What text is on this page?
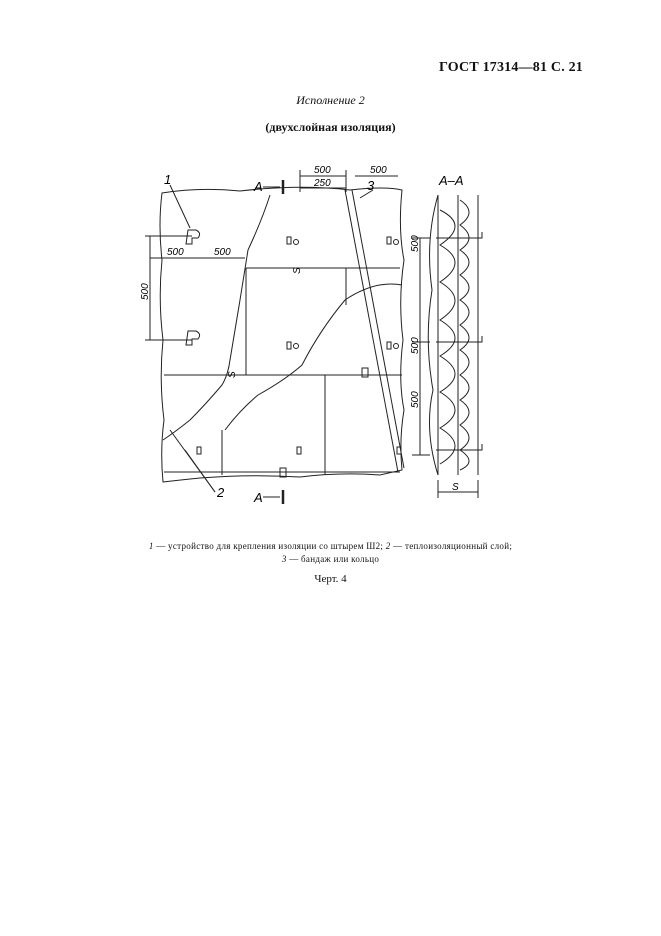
ГОСТ 17314—81 С. 21
Исполнение 2
(двухслойная изоляция)
500	500
250
500	500
500
500
500
500
1
2
3
A
A
A–A
S
S
S
1 — устройство для крепления изоляции со штырем Ш2; 2 — теплоизоляционный слой;
3 — бандаж или кольцо
Черт. 4
